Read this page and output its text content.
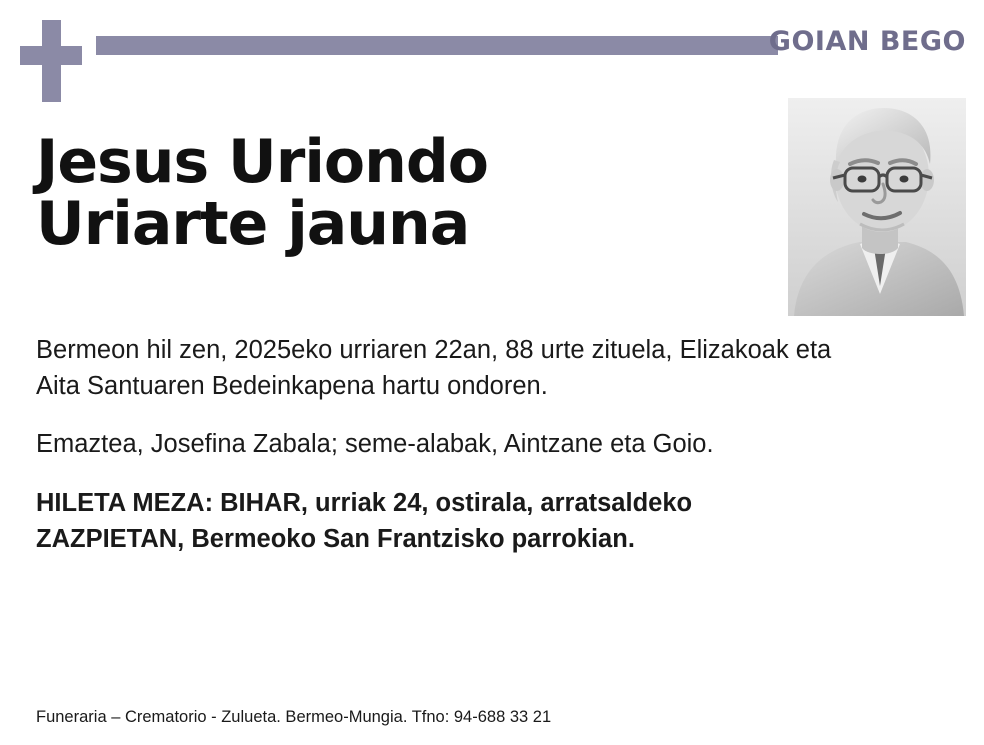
GOIAN BEGO
Jesus Uriondo
Uriarte jauna

Bermeon hil zen, 2025eko urriaren 22an, 88 urte zituela, Elizakoak eta
Aita Santuaren Bedeinkapena hartu ondoren.

Emaztea, Josefina Zabala; seme-alabak, Aintzane eta Goio.

HILETA MEZA: BIHAR, urriak 24, ostirala, arratsaldeko
ZAZPIETAN, Bermeoko San Frantzisko parrokian.

Funeraria – Crematorio - Zulueta. Bermeo-Mungia. Tfno: 94-688 33 21
